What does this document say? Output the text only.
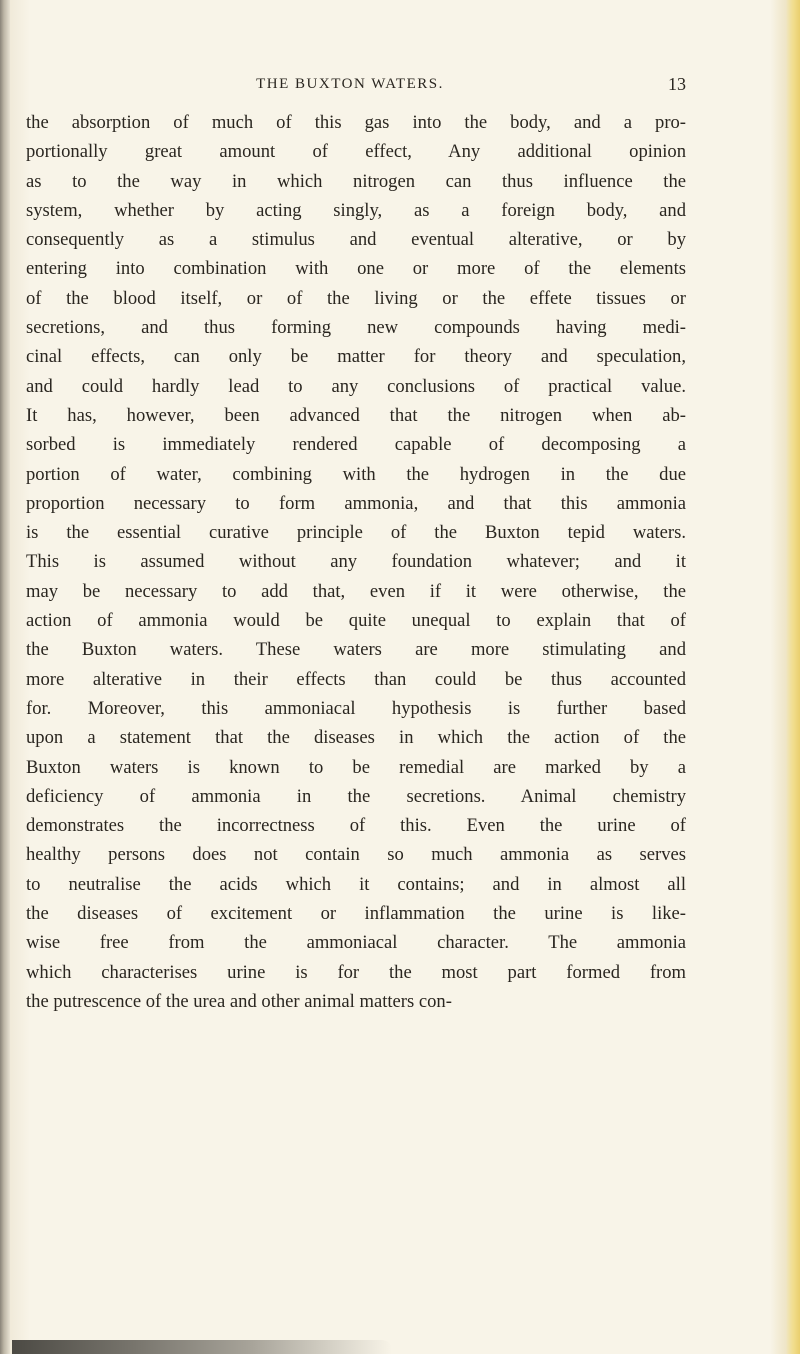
THE BUXTON WATERS.	13
the absorption of much of this gas into the body, and a pro-
portionally great amount of effect, Any additional opinion
as to the way in which nitrogen can thus influence the
system, whether by acting singly, as a foreign body, and
consequently as a stimulus and eventual alterative, or by
entering into combination with one or more of the elements
of the blood itself, or of the living or the effete tissues or
secretions, and thus forming new compounds having medi-
cinal effects, can only be matter for theory and speculation,
and could hardly lead to any conclusions of practical value.
It has, however, been advanced that the nitrogen when ab-
sorbed is immediately rendered capable of decomposing a
portion of water, combining with the hydrogen in the due
proportion necessary to form ammonia, and that this ammonia
is the essential curative principle of the Buxton tepid waters.
This is assumed without any foundation whatever; and it
may be necessary to add that, even if it were otherwise, the
action of ammonia would be quite unequal to explain that of
the Buxton waters. These waters are more stimulating and
more alterative in their effects than could be thus accounted
for. Moreover, this ammoniacal hypothesis is further based
upon a statement that the diseases in which the action of the
Buxton waters is known to be remedial are marked by a
deficiency of ammonia in the secretions. Animal chemistry
demonstrates the incorrectness of this. Even the urine of
healthy persons does not contain so much ammonia as serves
to neutralise the acids which it contains; and in almost all
the diseases of excitement or inflammation the urine is like-
wise free from the ammoniacal character. The ammonia
which characterises urine is for the most part formed from
the putrescence of the urea and other animal matters con-
